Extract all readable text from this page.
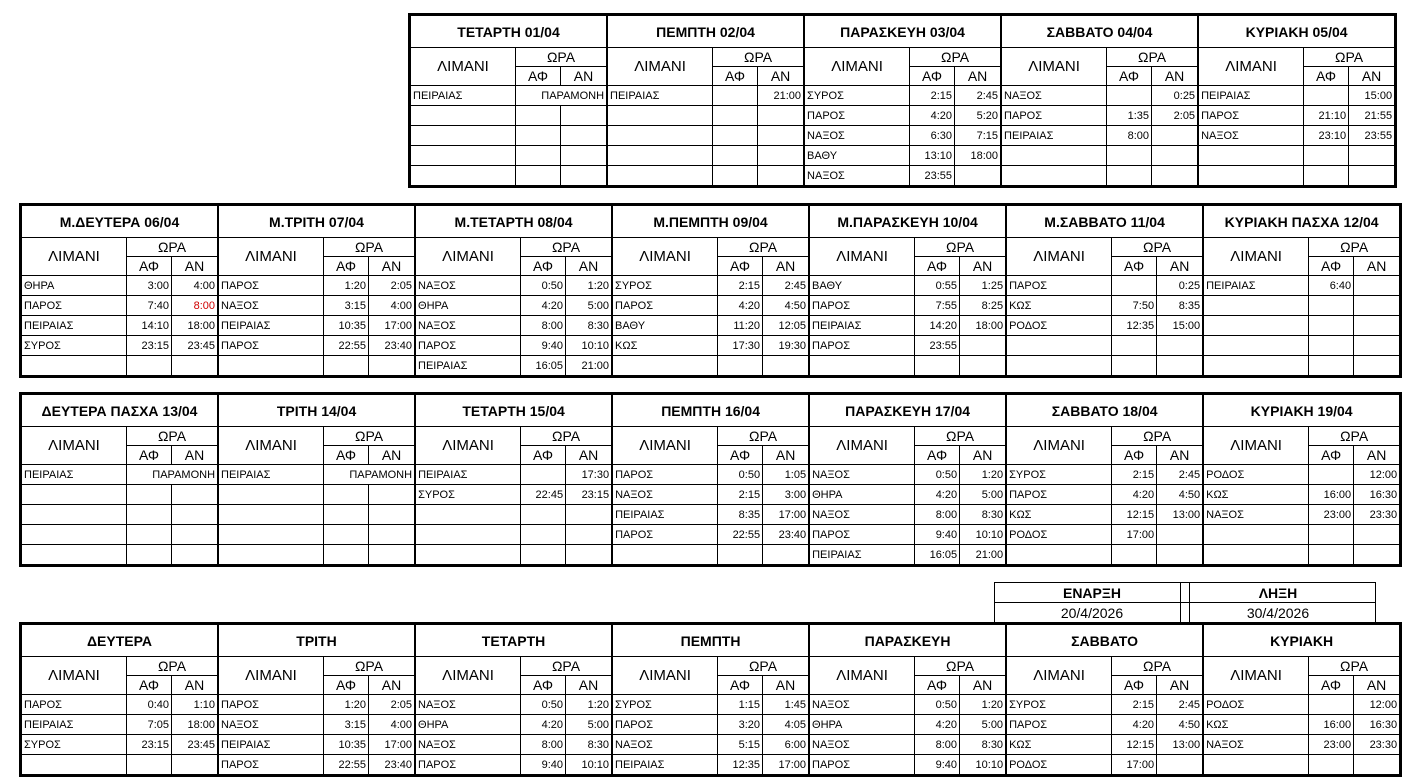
ΤΕΤΑΡΤΗ 01/04		
ΛΙΜΑΝΙ	ΩΡΑ	
	ΑΦ	ΑΝ
ΠΕΙΡΑΙΑΣ	ΠΑΡΑΜΟΝΗ	

ΠΕΜΠΤΗ 02/04		
ΛΙΜΑΝΙ	ΩΡΑ	
	ΑΦ	ΑΝ
ΠΕΙΡΑΙΑΣ		21:00

ΠΑΡΑΣΚΕΥΗ 03/04		
ΛΙΜΑΝΙ	ΩΡΑ	
	ΑΦ	ΑΝ
ΣΥΡΟΣ	2:15	2:45
ΠΑΡΟΣ	4:20	5:20
ΝΑΞΟΣ	6:30	7:15
ΒΑΘΥ	13:10	18:00
ΝΑΞΟΣ	23:55	
ΣΑΒΒΑΤΟ 04/04		
ΛΙΜΑΝΙ	ΩΡΑ	
	ΑΦ	ΑΝ
ΝΑΞΟΣ		0:25
ΠΑΡΟΣ	1:35	2:05
ΠΕΙΡΑΙΑΣ	8:00	

ΚΥΡΙΑΚΗ 05/04		
ΛΙΜΑΝΙ	ΩΡΑ	
	ΑΦ	ΑΝ
ΠΕΙΡΑΙΑΣ		15:00
ΠΑΡΟΣ	21:10	21:55
ΝΑΞΟΣ	23:10	23:55

Μ.ΔΕΥΤΕΡΑ 06/04		
ΛΙΜΑΝΙ	ΩΡΑ	
	ΑΦ	ΑΝ
ΘΗΡΑ	3:00	4:00
ΠΑΡΟΣ	7:40	8:00
ΠΕΙΡΑΙΑΣ	14:10	18:00
ΣΥΡΟΣ	23:15	23:45

Μ.ΤΡΙΤΗ 07/04		
ΛΙΜΑΝΙ	ΩΡΑ	
	ΑΦ	ΑΝ
ΠΑΡΟΣ	1:20	2:05
ΝΑΞΟΣ	3:15	4:00
ΠΕΙΡΑΙΑΣ	10:35	17:00
ΠΑΡΟΣ	22:55	23:40

Μ.ΤΕΤΑΡΤΗ 08/04		
ΛΙΜΑΝΙ	ΩΡΑ	
	ΑΦ	ΑΝ
ΝΑΞΟΣ	0:50	1:20
ΘΗΡΑ	4:20	5:00
ΝΑΞΟΣ	8:00	8:30
ΠΑΡΟΣ	9:40	10:10
ΠΕΙΡΑΙΑΣ	16:05	21:00
Μ.ΠΕΜΠΤΗ 09/04		
ΛΙΜΑΝΙ	ΩΡΑ	
	ΑΦ	ΑΝ
ΣΥΡΟΣ	2:15	2:45
ΠΑΡΟΣ	4:20	4:50
ΒΑΘΥ	11:20	12:05
ΚΩΣ	17:30	19:30

Μ.ΠΑΡΑΣΚΕΥΗ 10/04		
ΛΙΜΑΝΙ	ΩΡΑ	
	ΑΦ	ΑΝ
ΒΑΘΥ	0:55	1:25
ΠΑΡΟΣ	7:55	8:25
ΠΕΙΡΑΙΑΣ	14:20	18:00
ΠΑΡΟΣ	23:55	

Μ.ΣΑΒΒΑΤΟ 11/04		
ΛΙΜΑΝΙ	ΩΡΑ	
	ΑΦ	ΑΝ
ΠΑΡΟΣ		0:25
ΚΩΣ	7:50	8:35
ΡΟΔΟΣ	12:35	15:00

ΚΥΡΙΑΚΗ ΠΑΣΧΑ 12/04		
ΛΙΜΑΝΙ	ΩΡΑ	
	ΑΦ	ΑΝ
ΠΕΙΡΑΙΑΣ	6:40	

ΔΕΥΤΕΡΑ ΠΑΣΧΑ 13/04		
ΛΙΜΑΝΙ	ΩΡΑ	
	ΑΦ	ΑΝ
ΠΕΙΡΑΙΑΣ	ΠΑΡΑΜΟΝΗ	

ΤΡΙΤΗ 14/04		
ΛΙΜΑΝΙ	ΩΡΑ	
	ΑΦ	ΑΝ
ΠΕΙΡΑΙΑΣ	ΠΑΡΑΜΟΝΗ	

ΤΕΤΑΡΤΗ 15/04		
ΛΙΜΑΝΙ	ΩΡΑ	
	ΑΦ	ΑΝ
ΠΕΙΡΑΙΑΣ		17:30
ΣΥΡΟΣ	22:45	23:15

ΠΕΜΠΤΗ 16/04		
ΛΙΜΑΝΙ	ΩΡΑ	
	ΑΦ	ΑΝ
ΠΑΡΟΣ	0:50	1:05
ΝΑΞΟΣ	2:15	3:00
ΠΕΙΡΑΙΑΣ	8:35	17:00
ΠΑΡΟΣ	22:55	23:40

ΠΑΡΑΣΚΕΥΗ 17/04		
ΛΙΜΑΝΙ	ΩΡΑ	
	ΑΦ	ΑΝ
ΝΑΞΟΣ	0:50	1:20
ΘΗΡΑ	4:20	5:00
ΝΑΞΟΣ	8:00	8:30
ΠΑΡΟΣ	9:40	10:10
ΠΕΙΡΑΙΑΣ	16:05	21:00
ΣΑΒΒΑΤΟ 18/04		
ΛΙΜΑΝΙ	ΩΡΑ	
	ΑΦ	ΑΝ
ΣΥΡΟΣ	2:15	2:45
ΠΑΡΟΣ	4:20	4:50
ΚΩΣ	12:15	13:00
ΡΟΔΟΣ	17:00	

ΚΥΡΙΑΚΗ 19/04		
ΛΙΜΑΝΙ	ΩΡΑ	
	ΑΦ	ΑΝ
ΡΟΔΟΣ		12:00
ΚΩΣ	16:00	16:30
ΝΑΞΟΣ	23:00	23:30

ΕΝΑΡΞΗ
20/4/2026
ΛΗΞΗ
30/4/2026
ΔΕΥΤΕΡΑ		
ΛΙΜΑΝΙ	ΩΡΑ	
	ΑΦ	ΑΝ
ΠΑΡΟΣ	0:40	1:10
ΠΕΙΡΑΙΑΣ	7:05	18:00
ΣΥΡΟΣ	23:15	23:45

ΤΡΙΤΗ		
ΛΙΜΑΝΙ	ΩΡΑ	
	ΑΦ	ΑΝ
ΠΑΡΟΣ	1:20	2:05
ΝΑΞΟΣ	3:15	4:00
ΠΕΙΡΑΙΑΣ	10:35	17:00
ΠΑΡΟΣ	22:55	23:40
ΤΕΤΑΡΤΗ		
ΛΙΜΑΝΙ	ΩΡΑ	
	ΑΦ	ΑΝ
ΝΑΞΟΣ	0:50	1:20
ΘΗΡΑ	4:20	5:00
ΝΑΞΟΣ	8:00	8:30
ΠΑΡΟΣ	9:40	10:10
ΠΕΜΠΤΗ		
ΛΙΜΑΝΙ	ΩΡΑ	
	ΑΦ	ΑΝ
ΣΥΡΟΣ	1:15	1:45
ΠΑΡΟΣ	3:20	4:05
ΝΑΞΟΣ	5:15	6:00
ΠΕΙΡΑΙΑΣ	12:35	17:00
ΠΑΡΑΣΚΕΥΗ		
ΛΙΜΑΝΙ	ΩΡΑ	
	ΑΦ	ΑΝ
ΝΑΞΟΣ	0:50	1:20
ΘΗΡΑ	4:20	5:00
ΝΑΞΟΣ	8:00	8:30
ΠΑΡΟΣ	9:40	10:10
ΣΑΒΒΑΤΟ		
ΛΙΜΑΝΙ	ΩΡΑ	
	ΑΦ	ΑΝ
ΣΥΡΟΣ	2:15	2:45
ΠΑΡΟΣ	4:20	4:50
ΚΩΣ	12:15	13:00
ΡΟΔΟΣ	17:00	
ΚΥΡΙΑΚΗ		
ΛΙΜΑΝΙ	ΩΡΑ	
	ΑΦ	ΑΝ
ΡΟΔΟΣ		12:00
ΚΩΣ	16:00	16:30
ΝΑΞΟΣ	23:00	23:30
